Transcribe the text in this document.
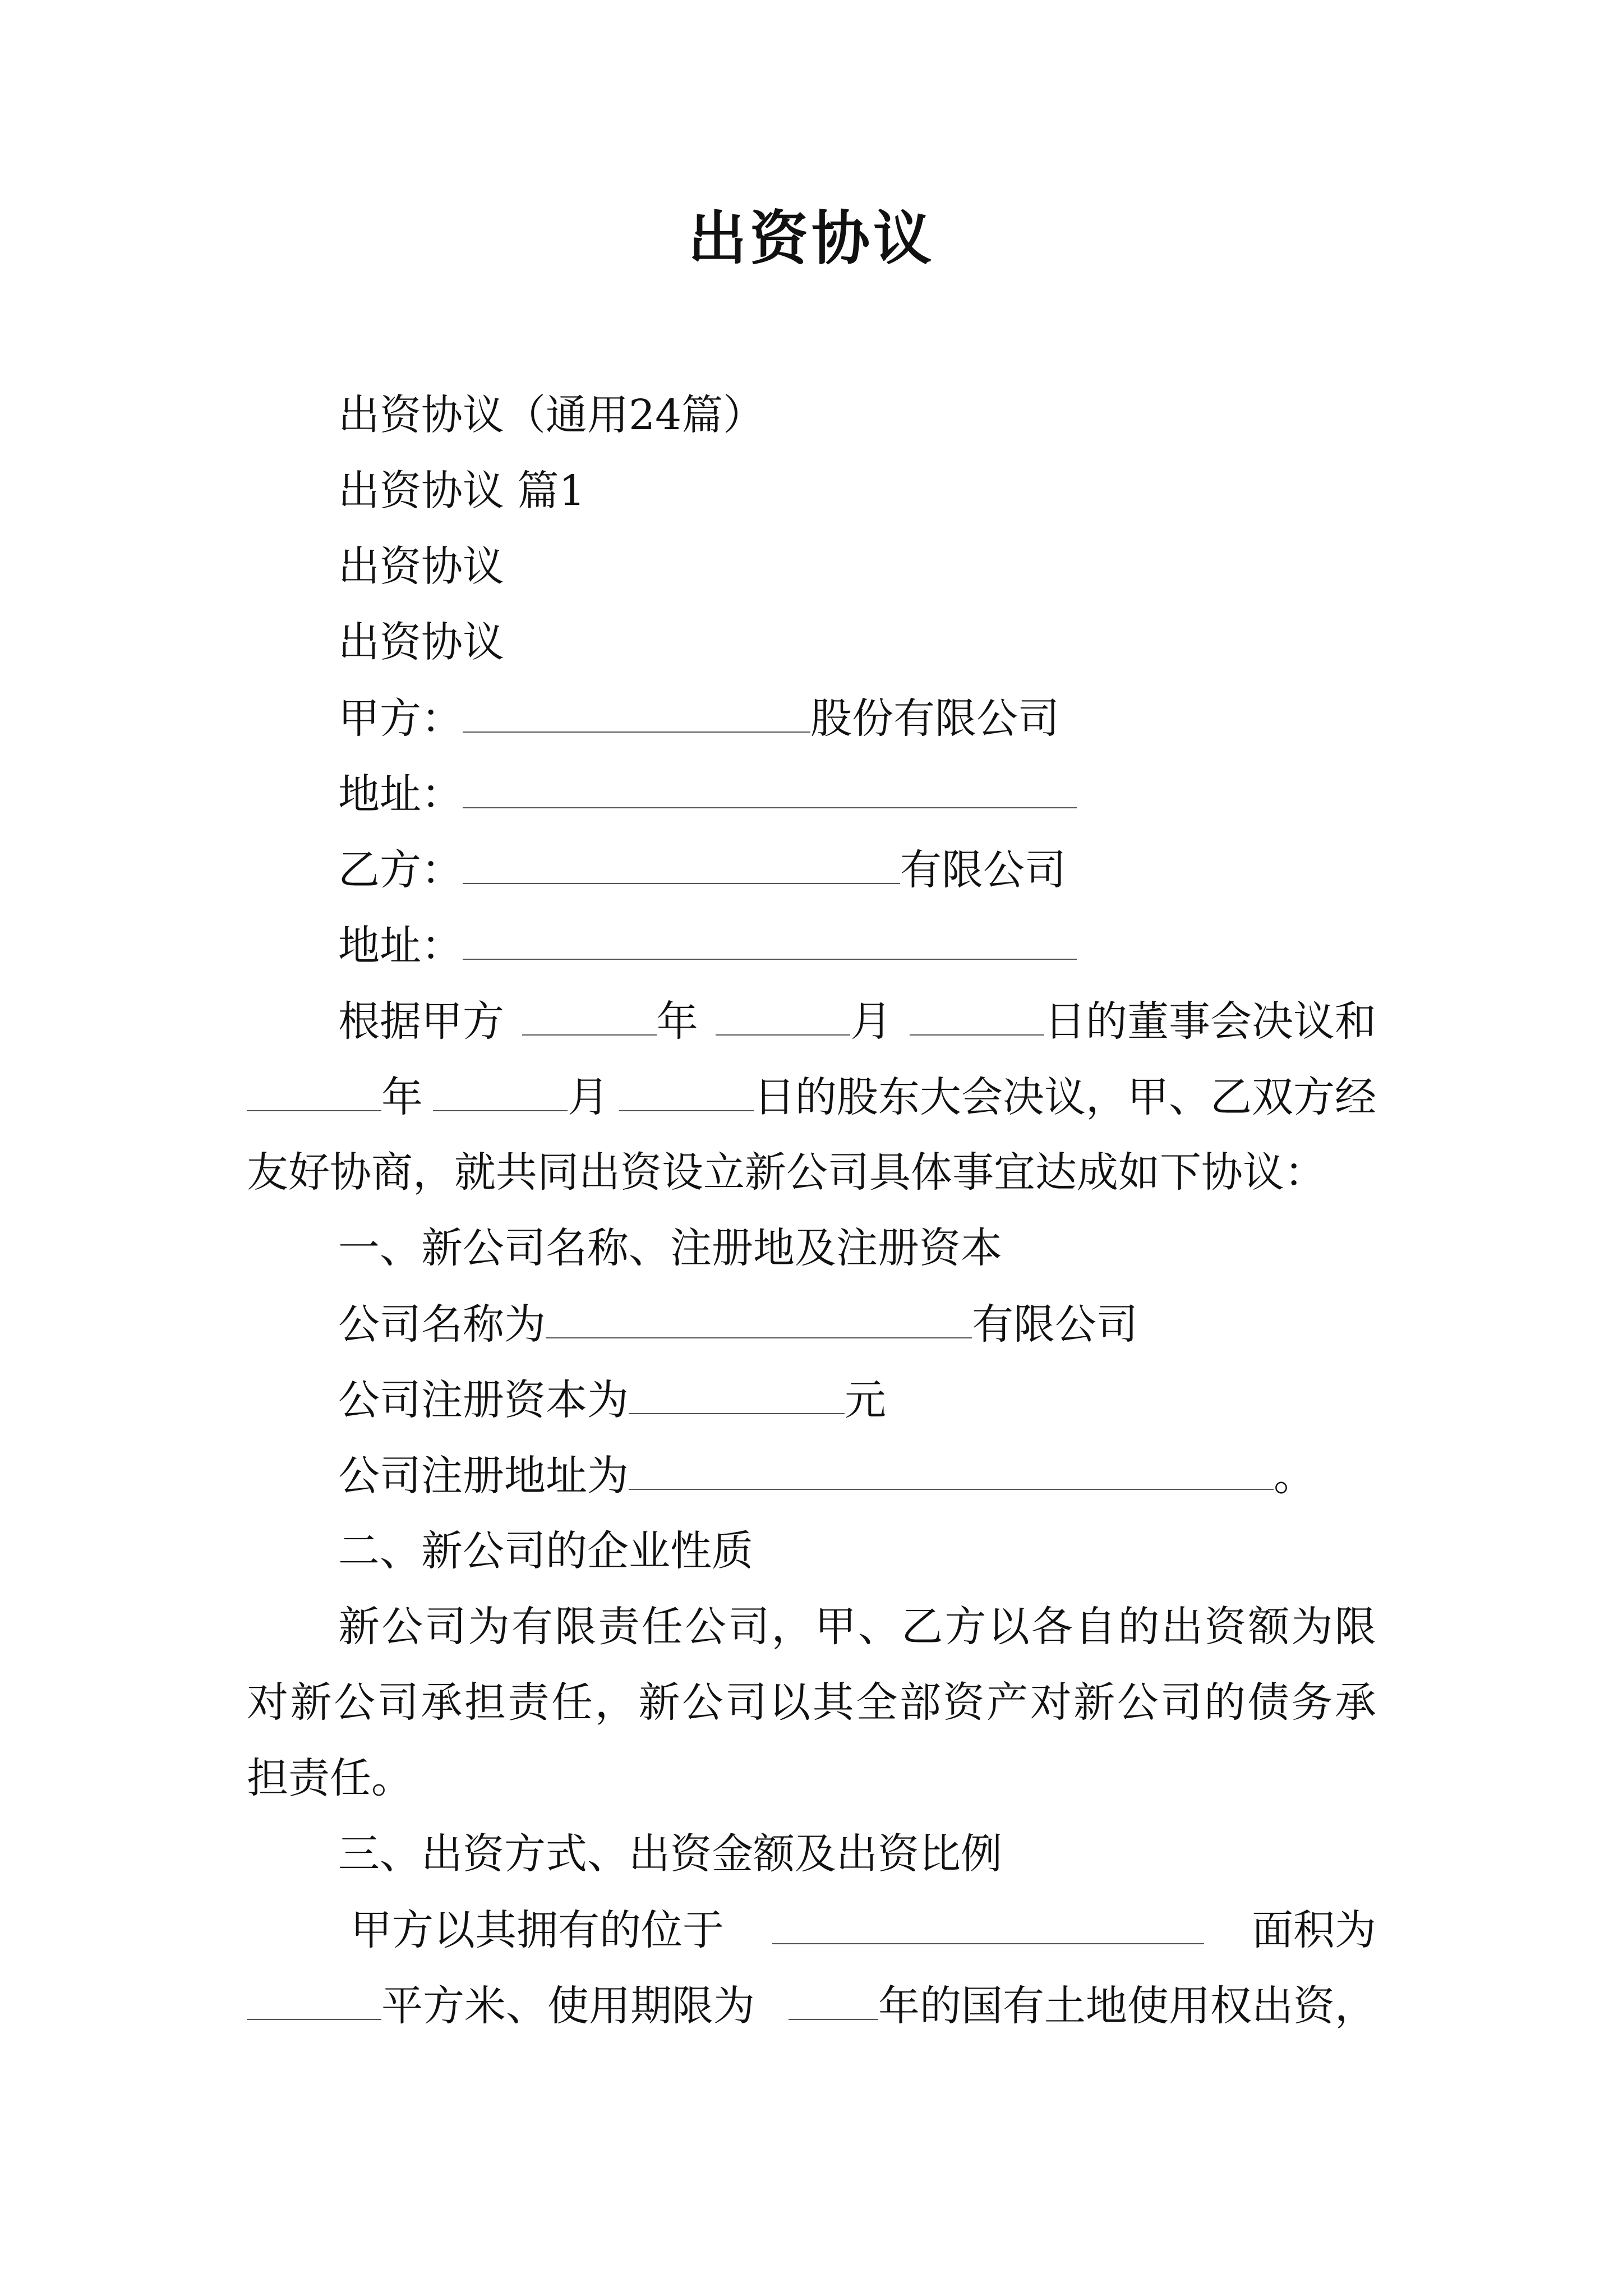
出资协议
出资协议（通用24篇）
出资协议 篇1
出资协议
出资协议
甲方：	股份有限公司
地址：
乙方：	有限公司
地址：
根据甲方	年	月	日的董事会决议和
年	月	日的股东大会决议，甲、乙双方经
友好协商，就共同出资设立新公司具体事宜达成如下协议：
一、新公司名称、注册地及注册资本
公司名称为	有限公司
公司注册资本为	元
公司注册地址为	。
二、新公司的企业性质
新 公 司 为 有 限 责 任 公 司 ， 甲 、 乙 方 以 各 自 的 出 资 额 为 限
对 新 公 司 承 担 责 任 ， 新 公 司 以 其 全 部 资 产 对 新 公 司 的 债 务 承
担责任。
三、出资方式、出资金额及出资比例
甲方以其拥有的位于	面积为
平方米、使用期限为	年的国有土地使用权出资，
